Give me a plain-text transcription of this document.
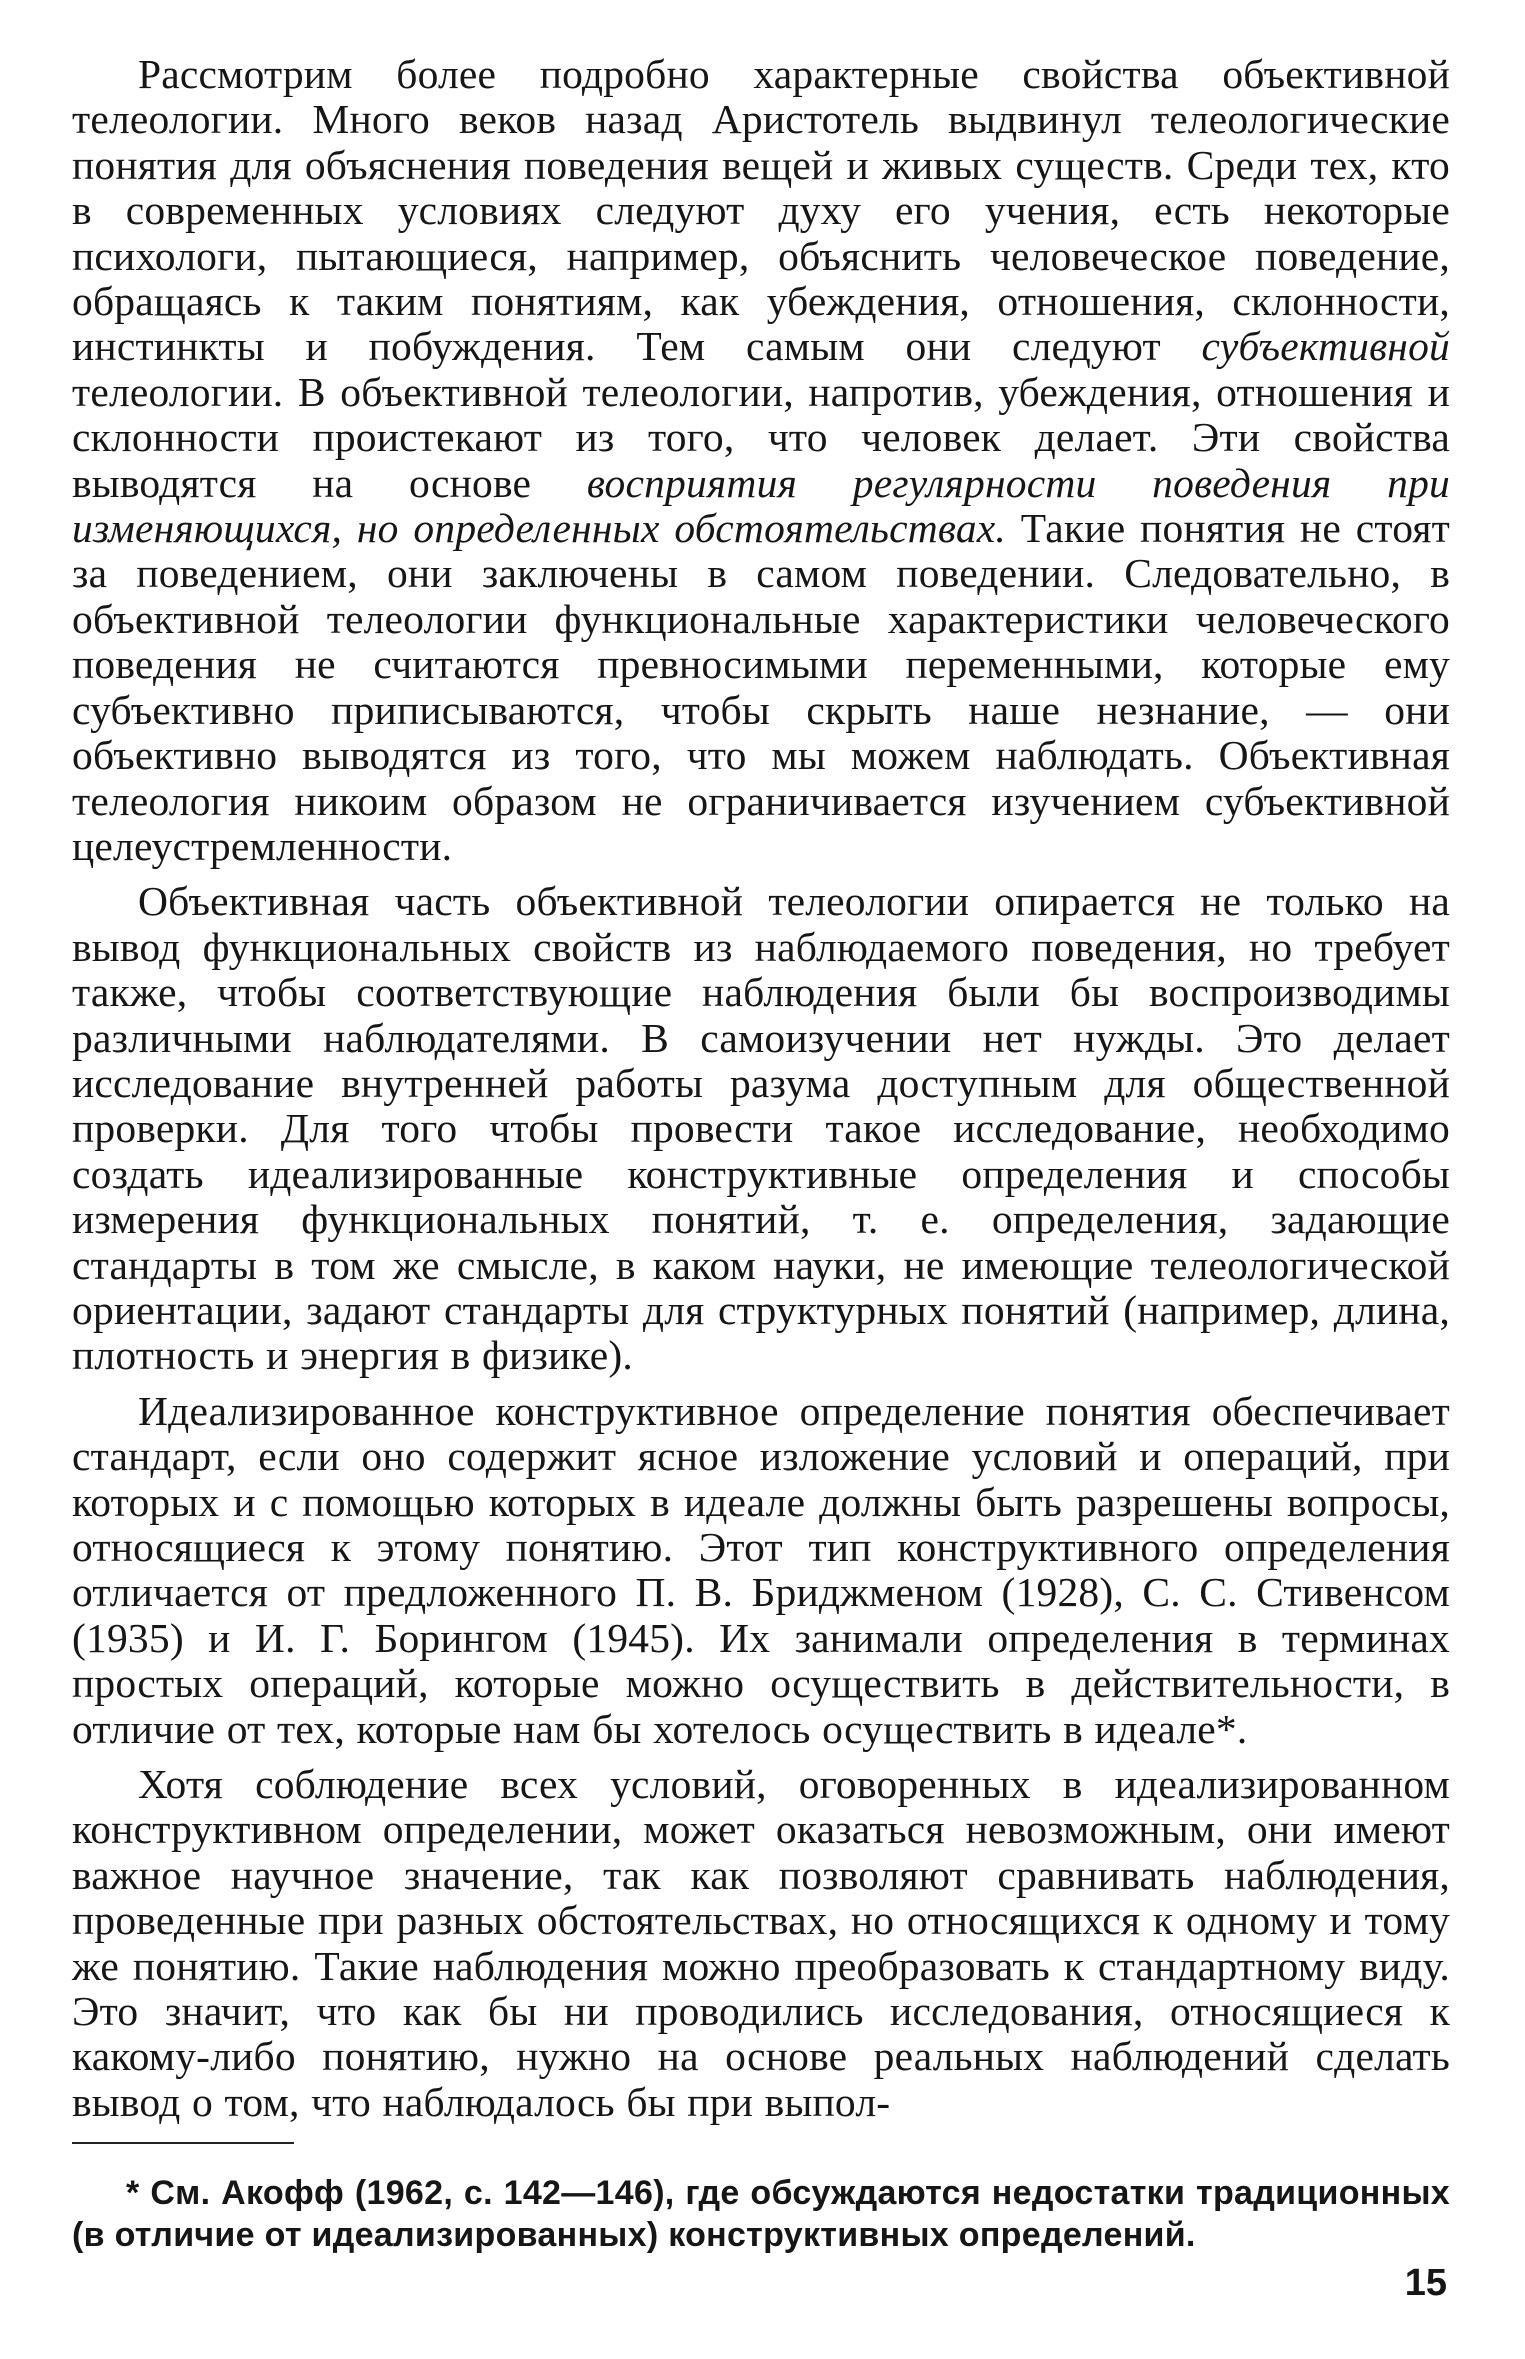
Рассмотрим более подробно характерные свойства объективной телеологии. Много веков назад Аристотель выдвинул телеологические понятия для объяснения поведения вещей и живых существ. Среди тех, кто в современных условиях следуют духу его учения, есть некоторые психологи, пытающиеся, например, объяснить человеческое поведение, обращаясь к таким понятиям, как убеждения, отношения, склонности, инстинкты и побуждения. Тем самым они следуют субъективной телеологии. В объективной телеологии, напротив, убеждения, отношения и склонности проистекают из того, что человек делает. Эти свойства выводятся на основе восприятия регулярности поведения при изменяющихся, но определенных обстоятельствах. Такие понятия не стоят за поведением, они заключены в самом поведении. Следовательно, в объективной телеологии функциональные характеристики человеческого поведения не считаются превносимыми переменными, которые ему субъективно приписываются, чтобы скрыть наше незнание, — они объективно выводятся из того, что мы можем наблюдать. Объективная телеология никоим образом не ограничивается изучением субъективной целеустремленности.

Объективная часть объективной телеологии опирается не только на вывод функциональных свойств из наблюдаемого поведения, но требует также, чтобы соответствующие наблюдения были бы воспроизводимы различными наблюдателями. В самоизучении нет нужды. Это делает исследование внутренней работы разума доступным для общественной проверки. Для того чтобы провести такое исследование, необходимо создать идеализированные конструктивные определения и способы измерения функциональных понятий, т. е. определения, задающие стандарты в том же смысле, в каком науки, не имеющие телеологической ориентации, задают стандарты для структурных понятий (например, длина, плотность и энергия в физике).

Идеализированное конструктивное определение понятия обеспечивает стандарт, если оно содержит ясное изложение условий и операций, при которых и с помощью которых в идеале должны быть разрешены вопросы, относящиеся к этому понятию. Этот тип конструктивного определения отличается от предложенного П. В. Бриджменом (1928), С. С. Стивенсом (1935) и И. Г. Борингом (1945). Их занимали определения в терминах простых операций, которые можно осуществить в действительности, в отличие от тех, которые нам бы хотелось осуществить в идеале*.

Хотя соблюдение всех условий, оговоренных в идеализированном конструктивном определении, может оказаться невозможным, они имеют важное научное значение, так как позволяют сравнивать наблюдения, проведенные при разных обстоятельствах, но относящихся к одному и тому же понятию. Такие наблюдения можно преобразовать к стандартному виду. Это значит, что как бы ни проводились исследования, относящиеся к какому-либо понятию, нужно на основе реальных наблюдений сделать вывод о том, что наблюдалось бы при выпол-

* См. Акофф (1962, с. 142—146), где обсуждаются недостатки традиционных (в отличие от идеализированных) конструктивных определений.

15
